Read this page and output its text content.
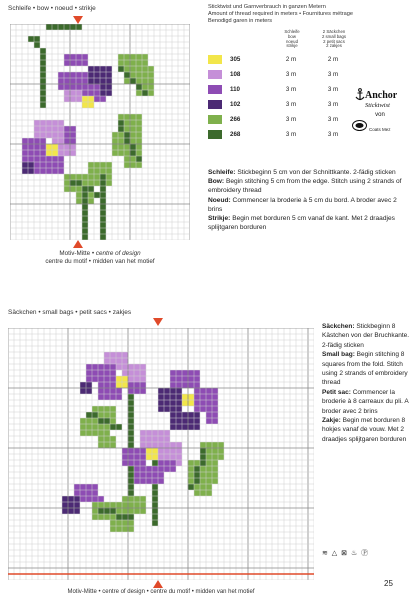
Schleife • bow • noeud • strikje
Motiv-Mitte • centre of design
centre du motif • midden van het motief
Sticktwist und Garnverbrauch in ganzen Metern
Amount of thread required in meters • Fournitures métrage
Benodigd garen in meters
Schleife
bow
noeud
strikje
2 Säckchen
2 small bags
2 petit sacs
2 zakjes
305	2 m	2 m
108	3 m	3 m
110	3 m	3 m
102	3 m	3 m
266	3 m	3 m
268	3 m	3 m
Anchor
Sticktwist
von
Coats Mez
Schleife: Stickbeginn 5 cm von der Schnittkante. 2-fädig sticken
Bow: Begin stitching 5 cm from the edge. Stitch using 2 strands of embroidery thread
Noeud: Commencer la broderie à 5 cm du bord. A broder avec 2 brins
Strikje: Begin met borduren 5 cm vanaf de kant. Met 2 draadjes splijtgaren borduren
Säckchen • small bags • petit sacs • zakjes
Motiv-Mitte • centre of design • centre du motif • midden van het motief
Säckchen: Stickbeginn 8 Kästchen von der Bruchkante. 2-fädig sticken
Small bag: Begin stitching 8 squares from the fold. Stitch using 2 strands of embroidery thread
Petit sac: Commencer la broderie à 8 carreaux du pli. A broder avec 2 brins
Zakje: Begin met borduren 8 hokjes vanaf de vouw. Met 2 draadjes splijtgaren borduren
≋ △ ⊠ ♨ Ⓟ
25
